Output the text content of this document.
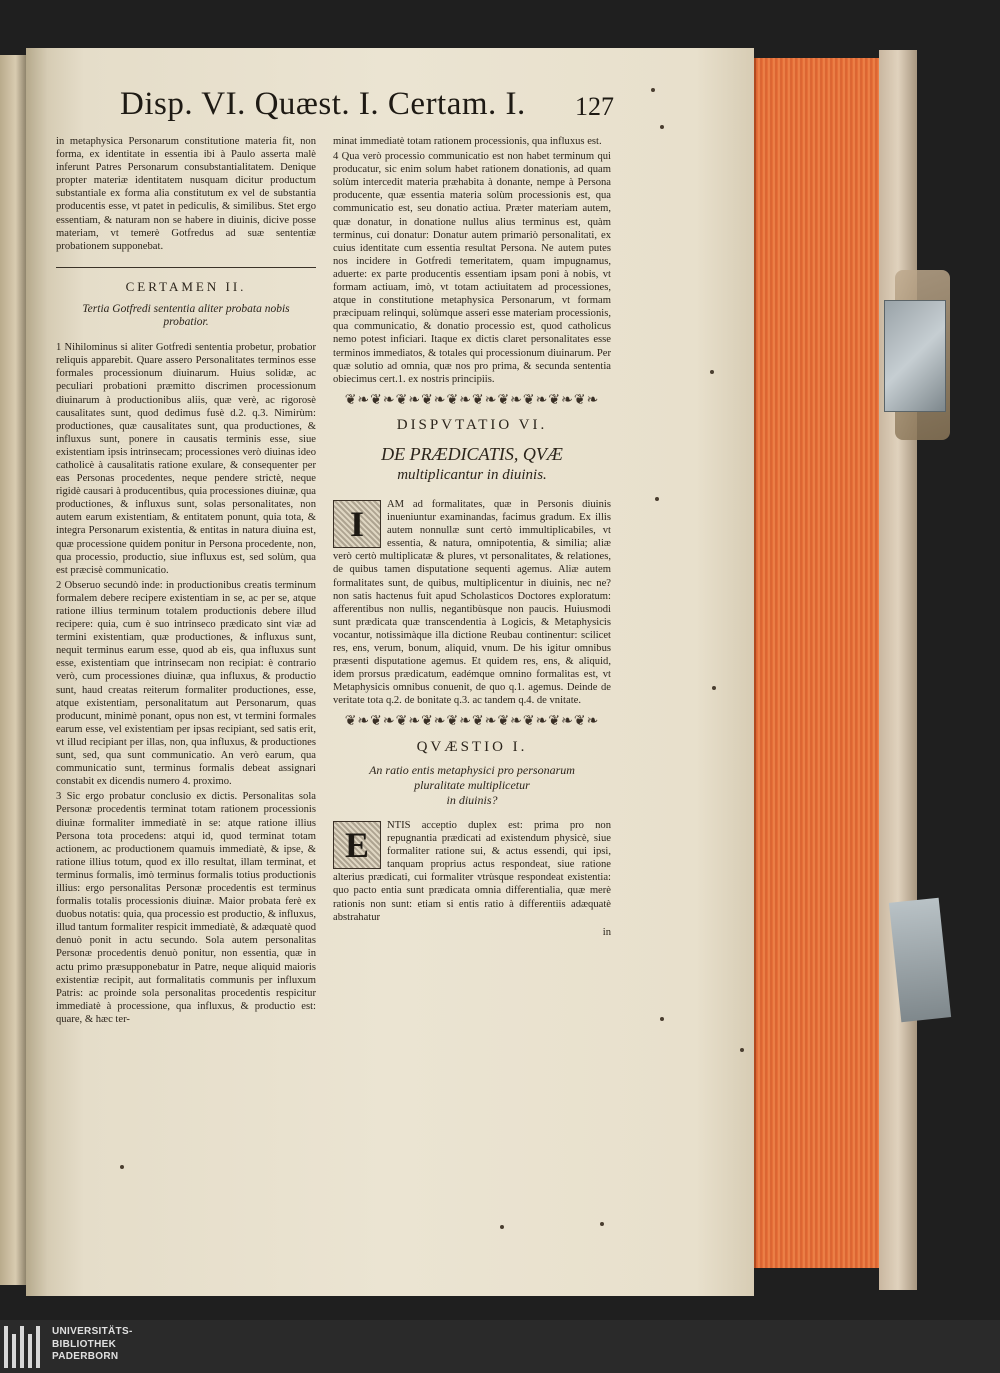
Disp. VI. Quæst. I. Certam. I. 127

in metaphysica Personarum constitutione materia fit, non forma, ex identitate in essentia ibi à Paulo asserta malè inferunt Patres Personarum consubstantialitatem. Denique propter materiæ identitatem nusquam dicitur productum substantiale ex forma alia constitutum ex vel de substantia producentis esse, vt patet in pediculis, & similibus. Stet ergo essentiam, & naturam non se habere in diuinis, dicive posse materiam, vt temerè Gotfredus ad suæ sententiæ probationem supponebat.

CERTAMEN II.

Tertia Gotfredi sententia aliter probata nobis probatior.

1 Nihilominus si aliter Gotfredi sententia probetur, probatior reliquis apparebit. Quare assero Personalitates terminos esse formales processionum diuinarum. Huius solidæ, ac peculiari probationi præmitto discrimen processionum diuinarum à productionibus aliis, quæ verè, ac rigorosè causalitates sunt, quod dedimus fusè d.2. q.3. Nimirùm: productiones, quæ causalitates sunt, qua productiones, & influxus sunt, ponere in causatis terminis esse, siue existentiam ipsis intrinsecam; processiones verò diuinas ideo catholicè à causalitatis ratione exulare, & consequenter per eas Personas procedentes, neque pendere strictè, neque rigidè causari à producentibus, quia processiones diuinæ, qua productiones, & influxus sunt, solas personalitates, non autem earum existentiam, & entitatem ponunt, quia tota, & integra Personarum existentia, & entitas in natura diuina est, quæ processione quidem ponitur in Persona procedente, non, qua processio, productio, siue influxus est, sed solùm, qua est præcisè communicatio.

2 Obseruo secundò inde: in productionibus creatis terminum formalem debere recipere existentiam in se, ac per se, atque ratione illius terminum totalem productionis debere illud recipere: quia, cum è suo intrinseco prædicato sint viæ ad termini existentiam, quæ productiones, & influxus sunt, nequit terminus earum esse, quod ab eis, qua influxus sunt esse, existentiam que intrinsecam non recipiat: è contrario verò, cum processiones diuinæ, qua influxus, & productio sunt, haud creatas reiterum formaliter productiones, esse, atque existentiam, personalitatum aut Personarum, quas producunt, minimè ponant, opus non est, vt termini formales earum esse, vel existentiam per ipsas recipiant, sed satis erit, vt illud recipiant per illas, non, qua influxus, & productiones sunt, sed, qua sunt communicatio. An verò earum, qua communicatio sunt, terminus formalis debeat assignari constabit ex dicendis numero 4. proximo.

3 Sic ergo probatur conclusio ex dictis. Personalitas sola Personæ procedentis terminat totam rationem processionis diuinæ formaliter immediatè in se: atque ratione illius Persona tota procedens: atqui id, quod terminat totam actionem, ac productionem quamuis immediatè, & ipse, & ratione illius totum, quod ex illo resultat, illam terminat, et terminus formalis, imò terminus formalis totius productionis illius: ergo personalitas Personæ procedentis est terminus formalis totalis processionis diuinæ. Maior probata ferè ex duobus notatis: quia, qua processio est productio, & influxus, illud tantum formaliter respicit immediatè, & adæquatè quod denuò ponit in actu secundo. Sola autem personalitas Personæ procedentis denuò ponitur, non essentia, quæ in actu primo præsupponebatur in Patre, neque aliquid maioris existentiæ recipit, aut formalitatis communis per influxum Patris: ac proinde sola personalitas procedentis respicitur immediatè à processione, qua influxus, & productio est: quare, & hæc ter-

minat immediatè totam rationem processionis, qua influxus est.

4 Qua verò processio communicatio est non habet terminum qui producatur, sic enim solum habet rationem donationis, ad quam solùm intercedit materia præhabita à donante, nempe à Persona producente, quæ essentia materia solùm processionis est, qua communicatio est, seu donatio actiua. Præter materiam autem, quæ donatur, in donatione nullus alius terminus est, quàm terminus, cui donatur: Donatur autem primariò personalitati, ex cuius identitate cum essentia resultat Persona. Ne autem putes nos incidere in Gotfredi temeritatem, quam impugnamus, aduerte: ex parte producentis essentiam ipsam poni à nobis, vt formam actiuam, imò, vt totam actiuitatem ad processiones, atque in constitutione metaphysica Personarum, vt formam præcipuam relinqui, solùmque asseri esse materiam processionis, qua communicatio, & donatio processio est, quod catholicus nemo potest inficiari. Itaque ex dictis claret personalitates esse terminos immediatos, & totales qui processionum diuinarum. Per quæ solutio ad omnia, quæ nos pro prima, & secunda sententia obiecimus cert.1. ex nostris principiis.

❦❧❦❧❦❧❦❧❦❧❦❧❦❧❦❧❦❧❦❧

DISPVTATIO VI.

DE PRÆDICATIS, QVÆ

multiplicantur in diuinis.

I	AM ad formalitates, quæ in Personis diuinis inueniuntur examinandas, facimus gradum. Ex illis autem nonnullæ sunt certò immultiplicabiles, vt essentia, & natura, omnipotentia, & similia; aliæ verò certò multiplicatæ & plures, vt personalitates, & relationes, de quibus tamen disputatione sequenti agemus. Aliæ autem formalitates sunt, de quibus, multiplicentur in diuinis, nec ne? non satis hactenus fuit apud Scholasticos Doctores exploratum: afferentibus non nullis, negantibùsque non paucis. Huiusmodi sunt prædicata quæ transcendentia à Logicis, & Metaphysicis vocantur, notissimàque illa dictione Reubau continentur: scilicet res, ens, verum, bonum, aliquid, vnum. De his igitur omnibus præsenti disputatione agemus. Et quidem res, ens, & aliquid, idem prorsus prædicatum, eadémque omnino formalitas est, vt Metaphysicis omnibus conuenit, de quo q.1. agemus. Deinde de veritate tota q.2. de bonitate q.3. ac tandem q.4. de vnitate.

❦❧❦❧❦❧❦❧❦❧❦❧❦❧❦❧❦❧❦❧

QVÆSTIO I.

An ratio entis metaphysici pro personarum

pluralitate multiplicetur

in diuinis?

E	NTIS acceptio duplex est: prima pro non repugnantia prædicati ad existendum physicè, siue formaliter ratione sui, & actus essendi, qui ipsi, tanquam proprius actus respondeat, siue ratione alterius prædicati, cui formaliter vtrùsque respondeat existentia: quo pacto entia sunt prædicata omnia differentialia, quæ merè rationis non sunt: etiam si entis ratio à differentiis adæquatè abstrahatur

in

UNIVERSITÄTS-
BIBLIOTHEK
PADERBORN
